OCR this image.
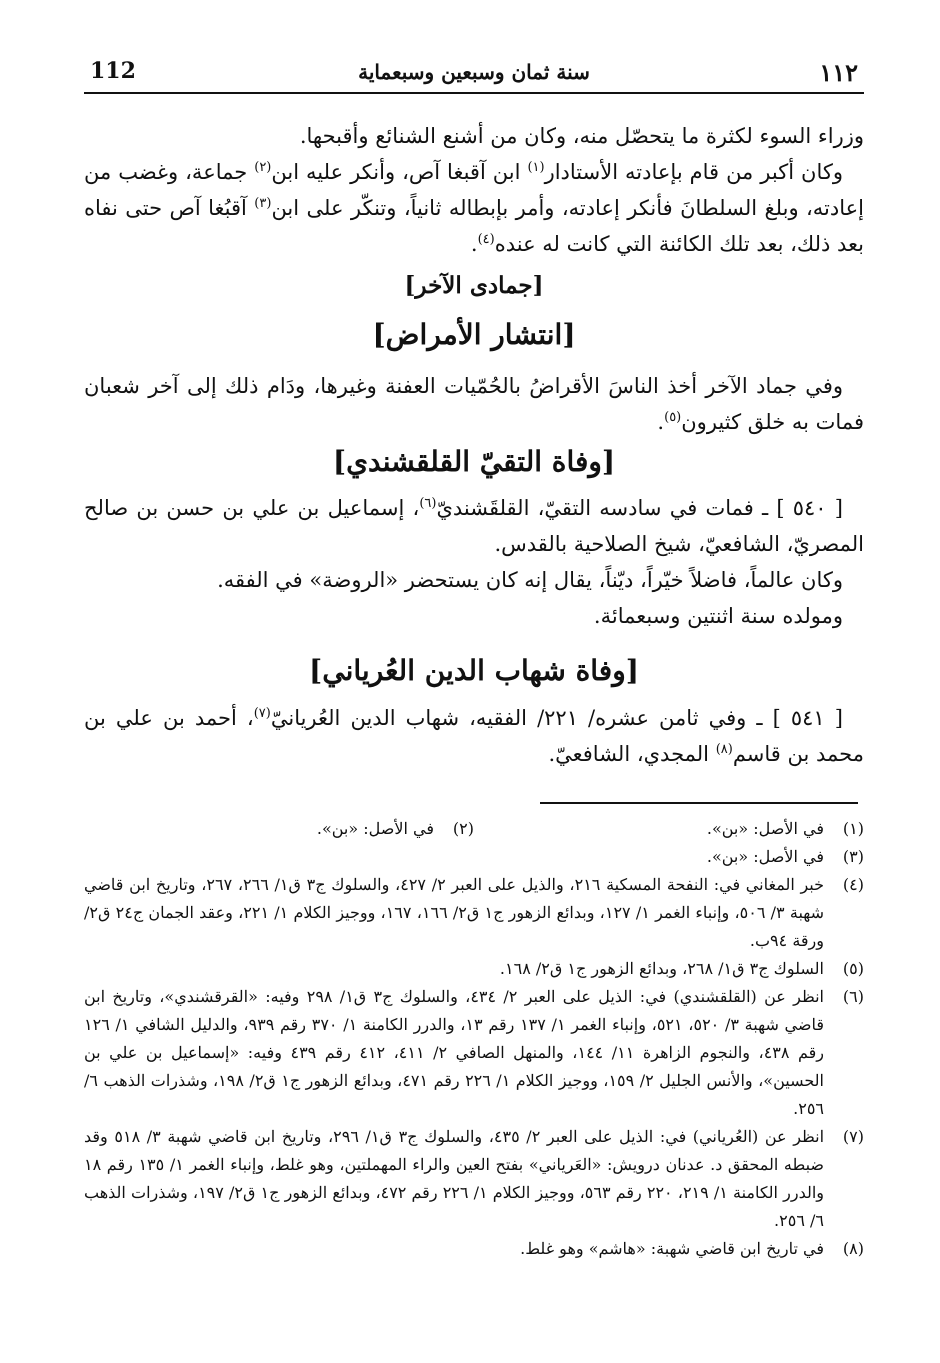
112	سنة ثمان وسبعين وسبعماية	١١٢

وزراء السوء لكثرة ما يتحصّل منه، وكان من أشنع الشنائع وأقبحها.

 وكان أكبر من قام بإعادته الأستادار$^{(١)}$ ابن آقبغا آص، وأنكر عليه ابن$^{(٢)}$ جماعة، وغضب من إعادته، وبلغ السلطانَ فأنكر إعادته، وأمر بإبطاله ثانياً، وتنكّر على ابن$^{(٣)}$ آقبُغا آص حتى نفاه بعد ذلك، بعد تلك الكائنة التي كانت له عنده$^{(٤)}$.

[جمادى الآخر]
[انتشار الأمراض]

 وفي جماد الآخر أخذ الناسَ الأقراضُ بالحُمّيات العفنة وغيرها، ودَام ذلك إلى آخر شعبان فمات به خلق كثيرون$^{(٥)}$.

[وفاة التقيّ القلقشندي]

 [ ٥٤٠ ] ـ فمات في سادسه التقيّ، القلقَشنديّ$^{(٦)}$، إسماعيل بن علي بن حسن بن صالح المصريّ، الشافعيّ، شيخ الصلاحية بالقدس.

 وكان عالماً، فاضلاً خيّراً، ديّناً، يقال إنه كان يستحضر «الروضة» في الفقه.

 ومولده سنة اثنتين وسبعمائة.

[وفاة شهاب الدين العُرياني]

 [ ٥٤١ ] ـ وفي ثامن عشره/ ٢٢١/ الفقيه، شهاب الدين العُريانيّ$^{(٧)}$، أحمد بن علي بن محمد بن قاسم$^{(٨)}$ المجدي، الشافعيّ.

(١)
في الأصل: «بن».
(٢)
في الأصل: «بن».
(٣)
في الأصل: «بن».
(٤)
خبر المغاني في: النفحة المسكية ٢١٦، والذيل على العبر ٢/ ٤٢٧، والسلوك ج٣ ق١/ ٢٦٦، ٢٦٧، وتاريخ ابن قاضي شهبة ٣/ ٥٠٦، وإنباء الغمر ١/ ١٢٧، وبدائع الزهور ج١ ق٢/ ١٦٦، ١٦٧، ووجيز الكلام ١/ ٢٢١، وعقد الجمان ج٢٤ ق٢/ ورقة ٩٤ب.
(٥)
السلوك ج٣ ق١/ ٢٦٨، وبدائع الزهور ج١ ق٢/ ١٦٨.
(٦)
انظر عن (القلقشندي) في: الذيل على العبر ٢/ ٤٣٤، والسلوك ج٣ ق١/ ٢٩٨ وفيه: «القرقشندي»، وتاريخ ابن قاضي شهبة ٣/ ٥٢٠، ٥٢١، وإنباء الغمر ١/ ١٣٧ رقم ١٣، والدرر الكامنة ١/ ٣٧٠ رقم ٩٣٩، والدليل الشافي ١/ ١٢٦ رقم ٤٣٨، والنجوم الزاهرة ١١/ ١٤٤، والمنهل الصافي ٢/ ٤١١، ٤١٢ رقم ٤٣٩ وفيه: «إسماعيل بن علي بن الحسين»، والأنس الجليل ٢/ ١٥٩، ووجيز الكلام ١/ ٢٢٦ رقم ٤٧١، وبدائع الزهور ج١ ق٢/ ١٩٨، وشذرات الذهب ٦/ ٢٥٦.
(٧)
انظر عن (العُرياني) في: الذيل على العبر ٢/ ٤٣٥، والسلوك ج٣ ق١/ ٢٩٦، وتاريخ ابن قاضي شهبة ٣/ ٥١٨ وقد ضبطه المحقق د. عدنان درويش: «العَرياني» بفتح العين والراء المهملتين، وهو غلط، وإنباء الغمر ١/ ١٣٥ رقم ١٨ والدرر الكامنة ١/ ٢١٩، ٢٢٠ رقم ٥٦٣، ووجيز الكلام ١/ ٢٢٦ رقم ٤٧٢، وبدائع الزهور ج١ ق٢/ ١٩٧، وشذرات الذهب ٦/ ٢٥٦.
(٨)
في تاريخ ابن قاضي شهبة: «هاشم» وهو غلط.
